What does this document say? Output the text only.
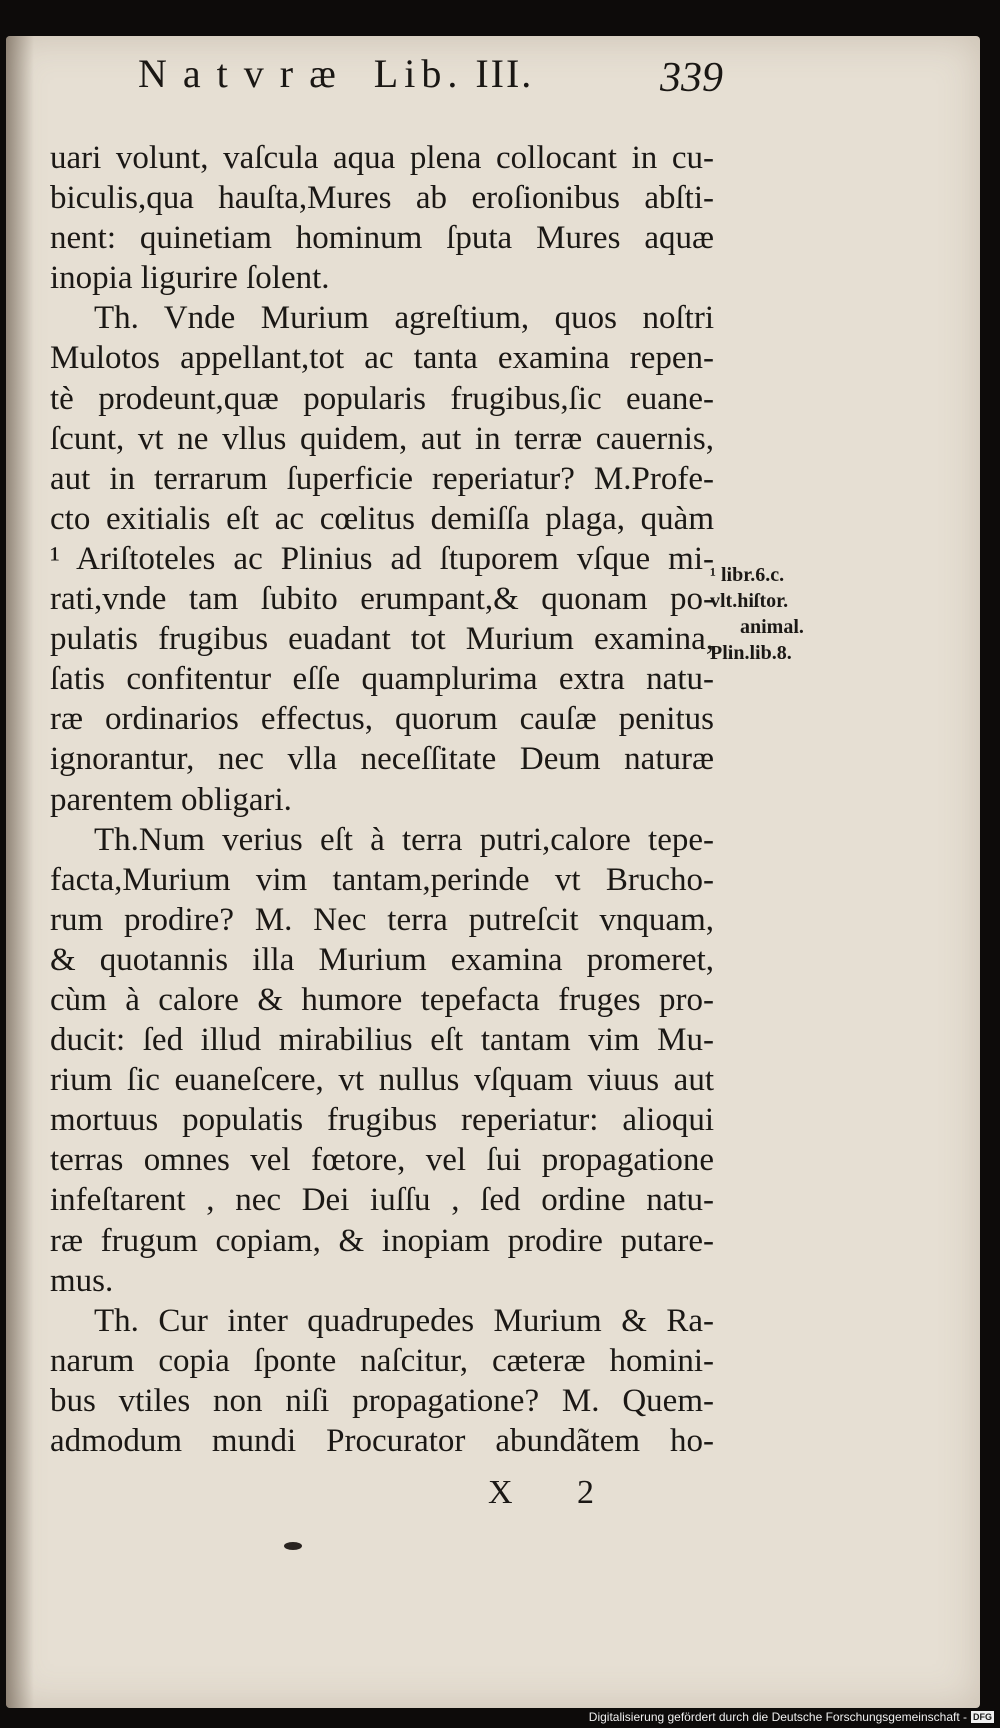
Natvræ Lib. III.	339
uari volunt, vaſcula aqua plena collocant in cu-
biculis,qua hauſta,Mures ab eroſionibus abſti-
nent: quinetiam hominum ſputa Mures aquæ
inopia ligurire ſolent.
Th. Vnde Murium agreſtium, quos noſtri
Mulotos appellant,tot ac tanta examina repen-
tè prodeunt,quæ popularis frugibus,ſic euane-
ſcunt, vt ne vllus quidem, aut in terræ cauernis,
aut in terrarum ſuperficie reperiatur? M.Profe-
cto exitialis eſt ac cœlitus demiſſa plaga, quàm
¹ Ariſtoteles ac Plinius ad ſtuporem vſque mi-
rati,vnde tam ſubito erumpant,& quonam po-
pulatis frugibus euadant tot Murium examina,
ſatis confitentur eſſe quamplurima extra natu-
ræ ordinarios effectus, quorum cauſæ penitus
ignorantur, nec vlla neceſſitate Deum naturæ
parentem obligari.
Th.Num verius eſt à terra putri,calore tepe-
facta,Murium vim tantam,perinde vt Brucho-
rum prodire? M. Nec terra putreſcit vnquam,
& quotannis illa Murium examina promeret,
cùm à calore & humore tepefacta fruges pro-
ducit: ſed illud mirabilius eſt tantam vim Mu-
rium ſic euaneſcere, vt nullus vſquam viuus aut
mortuus populatis frugibus reperiatur: alioqui
terras omnes vel fœtore, vel ſui propagatione
infeſtarent , nec Dei iuſſu , ſed ordine natu-
ræ frugum copiam, & inopiam prodire putare-
mus.
Th. Cur inter quadrupedes Murium & Ra-
narum copia ſponte naſcitur, cæteræ homini-
bus vtiles non niſi propagatione? M. Quem-
admodum mundi Procurator abundãtem ho-
¹ libr.6.c.
vlt.hiſtor.
animal.
Plin.lib.8.
X 2
Digitalisierung gefördert durch die Deutsche Forschungsgemeinschaft - DFG
